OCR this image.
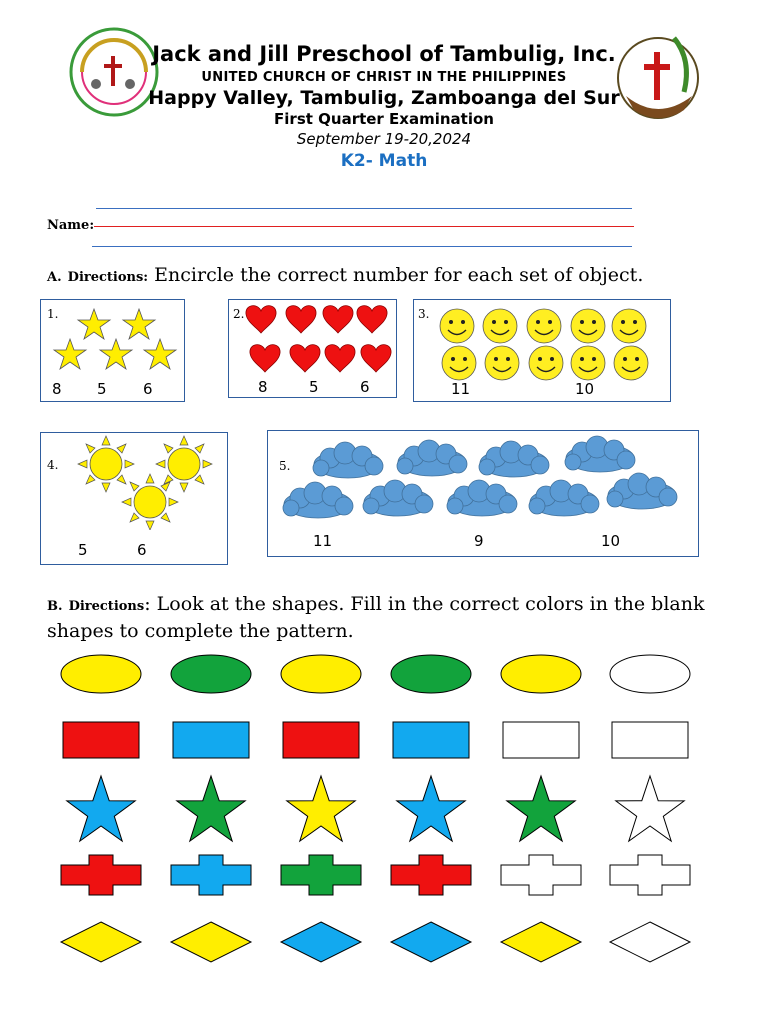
Jack and Jill Preschool of Tambulig, Inc.
UNITED CHURCH OF CHRIST IN THE PHILIPPINES
Happy Valley, Tambulig, Zamboanga del Sur
First Quarter Examination
September 19-20,2024
K2- Math
Name:
A. Directions: Encircle the correct number for each set of object.
1.
8 5 6
2.
8	5	6
3.
11	10
4.
5	6
5.
11	9	10
B. Directions: Look at the shapes. Fill in the correct colors in the blank shapes to complete the pattern.
